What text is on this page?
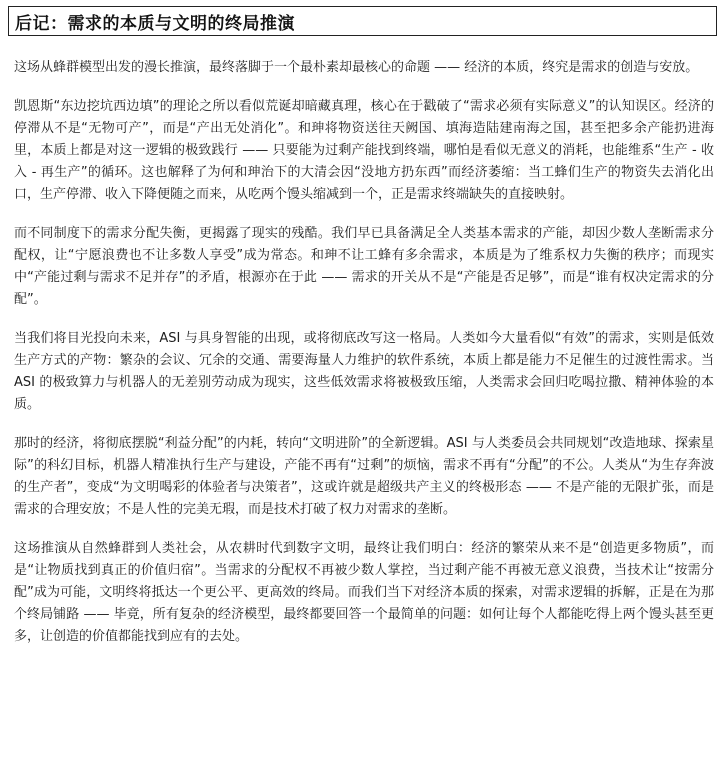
后记：需求的本质与文明的终局推演

这场从蜂群模型出发的漫长推演，最终落脚于一个最朴素却最核心的命题 —— 经济的本质，终究是需求的创造与安放。

凯恩斯“东边挖坑西边填”的理论之所以看似荒诞却暗藏真理，核心在于戳破了“需求必须有实际意义”的认知误区。经济的停滞从不是“无物可产”，而是“产出无处消化”。和珅将物资送往天阙国、填海造陆建南海之国，甚至把多余产能扔进海里，本质上都是对这一逻辑的极致践行 —— 只要能为过剩产能找到终端，哪怕是看似无意义的消耗，也能维系“生产 - 收入 - 再生产”的循环。这也解释了为何和珅治下的大清会因“没地方扔东西”而经济萎缩：当工蜂们生产的物资失去消化出口，生产停滞、收入下降便随之而来，从吃两个馒头缩减到一个，正是需求终端缺失的直接映射。

而不同制度下的需求分配失衡，更揭露了现实的残酷。我们早已具备满足全人类基本需求的产能，却因少数人垄断需求分配权，让“宁愿浪费也不让多数人享受”成为常态。和珅不让工蜂有多余需求，本质是为了维系权力失衡的秩序；而现实中“产能过剩与需求不足并存”的矛盾，根源亦在于此 —— 需求的开关从不是“产能是否足够”，而是“谁有权决定需求的分配”。

当我们将目光投向未来，ASI 与具身智能的出现，或将彻底改写这一格局。人类如今大量看似“有效”的需求，实则是低效生产方式的产物：繁杂的会议、冗余的交通、需要海量人力维护的软件系统，本质上都是能力不足催生的过渡性需求。当 ASI 的极致算力与机器人的无差别劳动成为现实，这些低效需求将被极致压缩，人类需求会回归吃喝拉撒、精神体验的本质。

那时的经济，将彻底摆脱“利益分配”的内耗，转向“文明进阶”的全新逻辑。ASI 与人类委员会共同规划“改造地球、探索星际”的科幻目标，机器人精准执行生产与建设，产能不再有“过剩”的烦恼，需求不再有“分配”的不公。人类从“为生存奔波的生产者”，变成“为文明喝彩的体验者与决策者”，这或许就是超级共产主义的终极形态 —— 不是产能的无限扩张，而是需求的合理安放；不是人性的完美无瑕，而是技术打破了权力对需求的垄断。

这场推演从自然蜂群到人类社会，从农耕时代到数字文明，最终让我们明白：经济的繁荣从来不是“创造更多物质”，而是“让物质找到真正的价值归宿”。当需求的分配权不再被少数人掌控，当过剩产能不再被无意义浪费，当技术让“按需分配”成为可能，文明终将抵达一个更公平、更高效的终局。而我们当下对经济本质的探索，对需求逻辑的拆解，正是在为那个终局铺路 —— 毕竟，所有复杂的经济模型，最终都要回答一个最简单的问题：如何让每个人都能吃得上两个馒头甚至更多，让创造的价值都能找到应有的去处。
